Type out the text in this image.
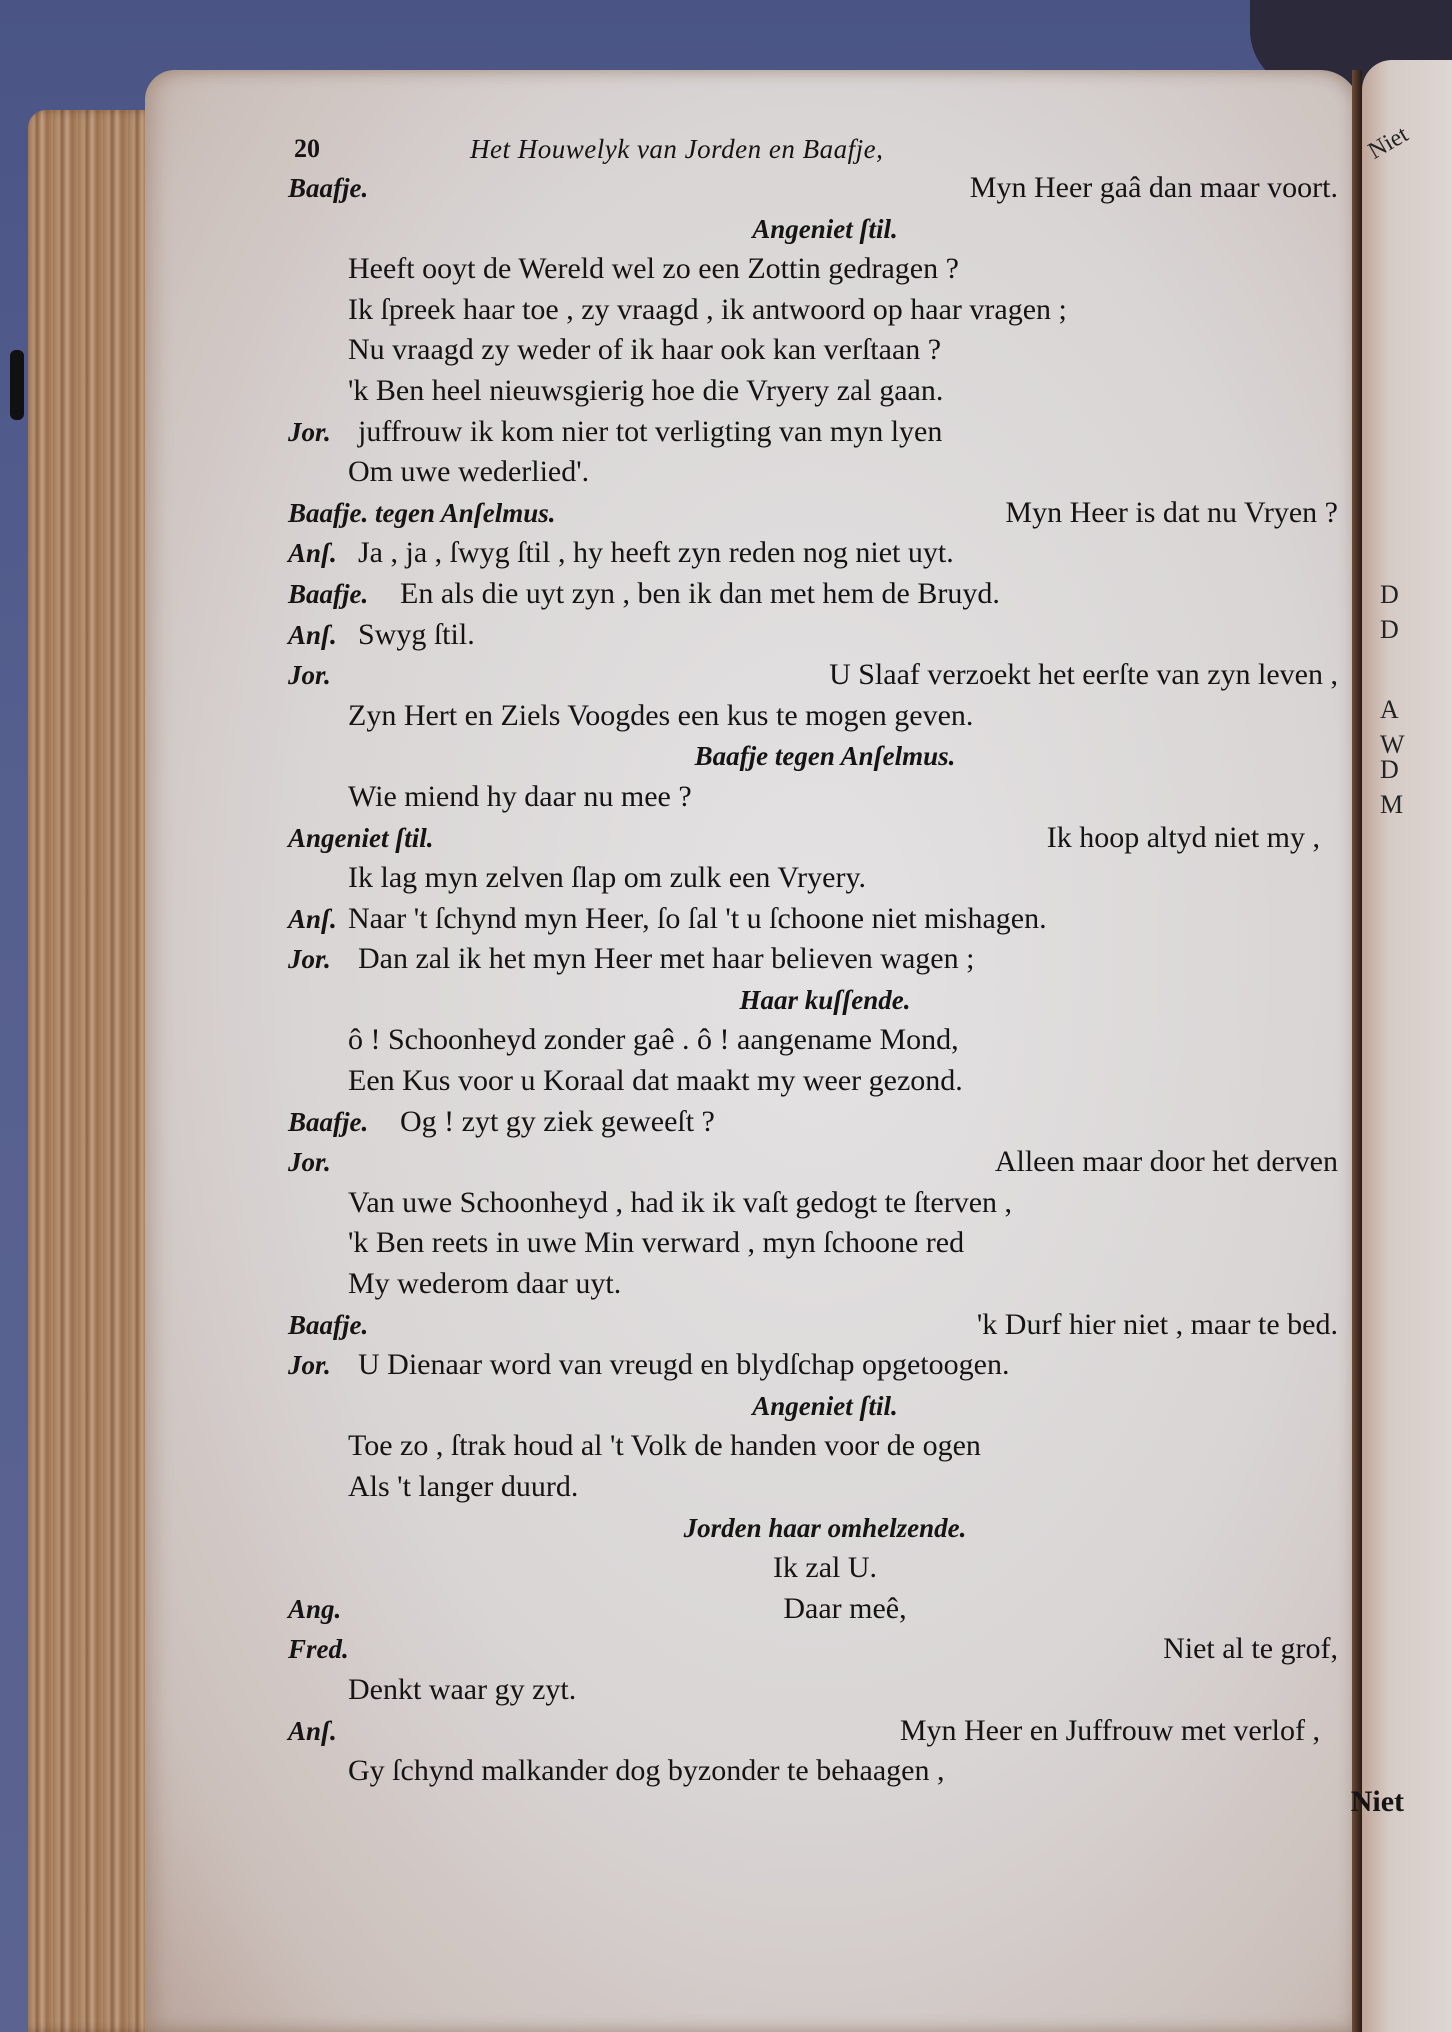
Niet
D
D
A
W
D
M
20	Het Houwelyk van Jorden en Baafje,
Baafje.	Myn Heer gaâ dan maar voort.
Angeniet ſtil.
Heeft ooyt de Wereld wel zo een Zottin gedragen ?
Ik ſpreek haar toe , zy vraagd , ik antwoord op haar vragen ;
Nu vraagd zy weder of ik haar ook kan verſtaan ?
'k Ben heel nieuwsgierig hoe die Vryery zal gaan.
Jor. juffrouw ik kom nier tot verligting van myn lyen
Om uwe wederlied'.
Baafje. tegen Anſelmus.	Myn Heer is dat nu Vryen ?
Anſ. Ja , ja , ſwyg ſtil , hy heeft zyn reden nog niet uyt.
Baafje. En als die uyt zyn , ben ik dan met hem de Bruyd.
Anſ. Swyg ſtil.
Jor.	U Slaaf verzoekt het eerſte van zyn leven ,
Zyn Hert en Ziels Voogdes een kus te mogen geven.
Baafje tegen Anſelmus.
Wie miend hy daar nu mee ?
Angeniet ſtil.	Ik hoop altyd niet my ,
Ik lag myn zelven ſlap om zulk een Vryery.
Anſ. Naar 't ſchynd myn Heer, ſo ſal 't u ſchoone niet mishagen.
Jor. Dan zal ik het myn Heer met haar believen wagen ;
Haar kuſſende.
ô ! Schoonheyd zonder gaê . ô ! aangename Mond,
Een Kus voor u Koraal dat maakt my weer gezond.
Baafje. Og ! zyt gy ziek geweeſt ?
Jor.	Alleen maar door het derven
Van uwe Schoonheyd , had ik ik vaſt gedogt te ſterven ,
'k Ben reets in uwe Min verward , myn ſchoone red
My wederom daar uyt.
Baafje.	'k Durf hier niet , maar te bed.
Jor. U Dienaar word van vreugd en blydſchap opgetoogen.
Angeniet ſtil.
Toe zo , ſtrak houd al 't Volk de handen voor de ogen
Als 't langer duurd.
Jorden haar omhelzende.
Ik zal U.
Ang.	Daar meê,
Fred.	Niet al te grof,
Denkt waar gy zyt.
Anſ.	Myn Heer en Juffrouw met verlof ,
Gy ſchynd malkander dog byzonder te behaagen ,
Niet
